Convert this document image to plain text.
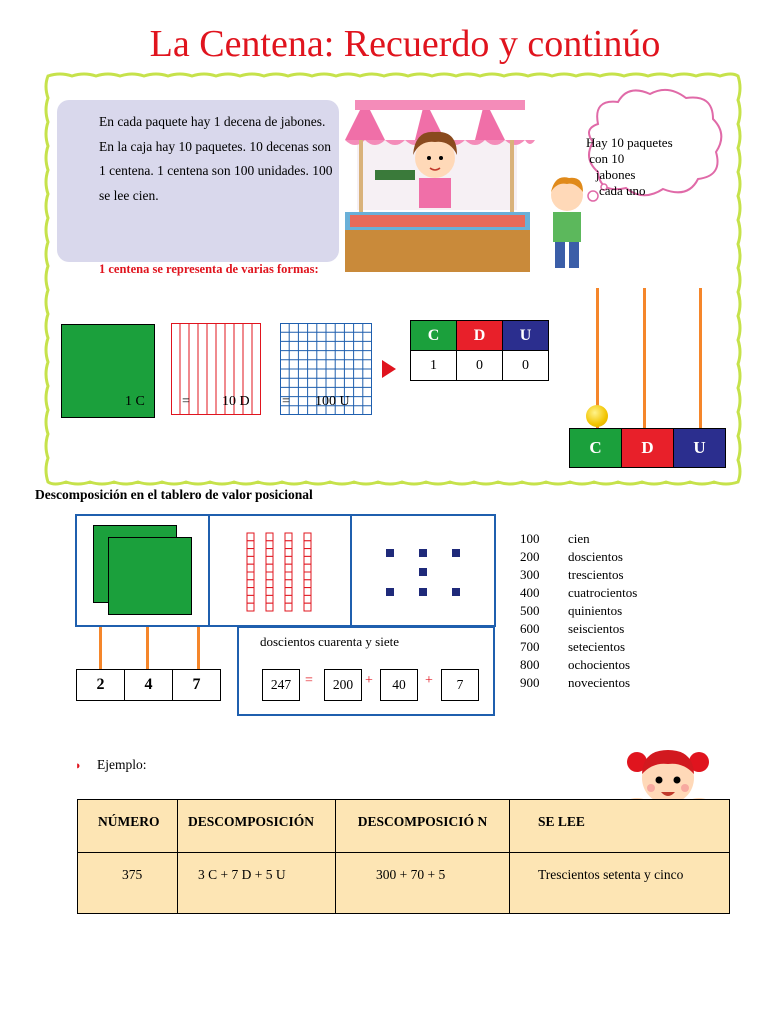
La Centena: Recuerdo y continúo
En cada paquete hay 1 decena de jabones. En la caja hay 10 paquetes. 10 decenas son 1 centena. 1 centena son 100 unidades. 100 se lee cien.
Hay 10 paquetes
con 10
jabones
cada uno
1 centena se representa de varias formas:
1 C	= 10 D = 100 U
C	D	U
1	0	0
C	D	U
Descomposición en el tablero de valor posicional
2	4	7
doscientos cuarenta y siete
247 =	200 +	40	+	7
100 cien
200 doscientos
300 trescientos
400 cuatrocientos
500 quinientos
600 seiscientos
700 setecientos
800 ochocientos
900 novecientos
◗ Ejemplo:
NÚMERO	DESCOMPOSICIÓN	DESCOMPOSICIÓ N	SE LEE

375	3 C + 7 D + 5 U	300 + 70 + 5	Trescientos setenta y cinco
